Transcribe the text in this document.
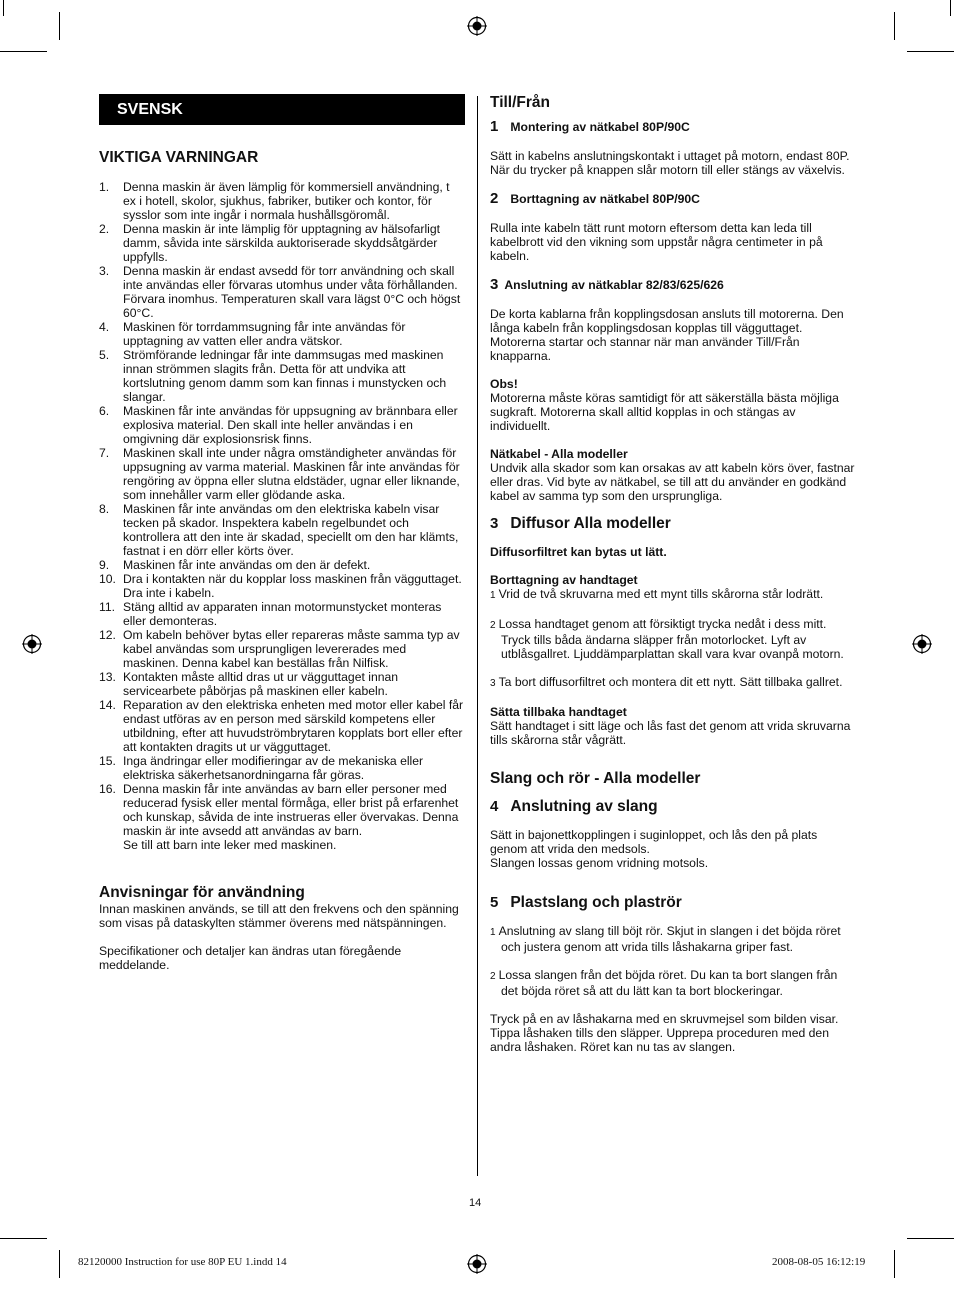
SVENSK
VIKTIGA VARNINGAR
1. Denna maskin är även lämplig för kommersiell användning, t ex i hotell, skolor, sjukhus, fabriker, butiker och kontor, för sysslor som inte ingår i normala hushållsgöromål.
2. Denna maskin är inte lämplig för upptagning av hälsofarligt damm, såvida inte särskilda auktoriserade skyddsåtgärder uppfylls.
3. Denna maskin är endast avsedd för torr användning och skall inte användas eller förvaras utomhus under våta förhållanden. Förvara inomhus. Temperaturen skall vara lägst 0°C och högst 60°C.
4. Maskinen för torrdammsugning får inte användas för upptagning av vatten eller andra vätskor.
5. Strömförande ledningar får inte dammsugas med maskinen innan strömmen slagits från. Detta för att undvika att kortslutning genom damm som kan finnas i munstycken och slangar.
6. Maskinen får inte användas för uppsugning av brännbara eller explosiva material. Den skall inte heller användas i en omgivning där explosionsrisk finns.
7. Maskinen skall inte under några omständigheter användas för uppsugning av varma material. Maskinen får inte användas för rengöring av öppna eller slutna eldstäder, ugnar eller liknande, som innehåller varm eller glödande aska.
8. Maskinen får inte användas om den elektriska kabeln visar tecken på skador. Inspektera kabeln regelbundet och kontrollera att den inte är skadad, speciellt om den har klämts, fastnat i en dörr eller körts över.
9. Maskinen får inte användas om den är defekt.
10. Dra i kontakten när du kopplar loss maskinen från vägguttaget. Dra inte i kabeln.
11. Stäng alltid av apparaten innan motormunstycket monteras eller demonteras.
12. Om kabeln behöver bytas eller repareras måste samma typ av kabel användas som ursprungligen levererades med maskinen. Denna kabel kan beställas från Nilfisk.
13. Kontakten måste alltid dras ut ur vägguttaget innan servicearbete påbörjas på maskinen eller kabeln.
14. Reparation av den elektriska enheten med motor eller kabel får endast utföras av en person med särskild kompetens eller utbildning, efter att huvudströmbrytaren kopplats bort eller efter att kontakten dragits ut ur vägguttaget.
15. Inga ändringar eller modifieringar av de mekaniska eller elektriska säkerhetsanordningarna får göras.
16. Denna maskin får inte användas av barn eller personer med reducerad fysisk eller mental förmåga, eller brist på erfarenhet och kunskap, såvida de inte instrueras eller övervakas. Denna maskin är inte avsedd att användas av barn.
Se till att barn inte leker med maskinen.
Anvisningar för användning

Innan maskinen används, se till att den frekvens och den spänning som visas på dataskylten stämmer överens med nätspänningen.

Specifikationer och detaljer kan ändras utan föregående meddelande.

Till/Från
1 Montering av nätkabel 80P/90C

Sätt in kabelns anslutningskontakt i uttaget på motorn, endast 80P. När du trycker på knappen slår motorn till eller stängs av växelvis.

2 Borttagning av nätkabel 80P/90C

Rulla inte kabeln tätt runt motorn eftersom detta kan leda till kabelbrott vid den vikning som uppstår några centimeter in på kabeln.

3 Anslutning av nätkablar 82/83/625/626

De korta kablarna från kopplingsdosan ansluts till motorerna. Den långa kabeln från kopplingsdosan kopplas till vägguttaget. Motorerna startar och stannar när man använder Till/Från knapparna.

Obs!

Motorerna måste köras samtidigt för att säkerställa bästa möjliga sugkraft. Motorerna skall alltid kopplas in och stängas av individuellt.

Nätkabel - Alla modeller

Undvik alla skador som kan orsakas av att kabeln körs över, fastnar eller dras. Vid byte av nätkabel, se till att du använder en godkänd kabel av samma typ som den ursprungliga.

3 Diffusor Alla modeller

Diffusorfiltret kan bytas ut lätt.

Borttagning av handtaget

1 Vrid de två skruvarna med ett mynt tills skårorna står lodrätt.

2 Lossa handtaget genom att försiktigt trycka nedåt i dess mitt. Tryck tills båda ändarna släpper från motorlocket. Lyft av utblåsgallret. Ljuddämparplattan skall vara kvar ovanpå motorn.

3 Ta bort diffusorfiltret och montera dit ett nytt. Sätt tillbaka gallret.

Sätta tillbaka handtaget

Sätt handtaget i sitt läge och lås fast det genom att vrida skruvarna tills skårorna står vågrätt.

Slang och rör - Alla modeller
4 Anslutning av slang

Sätt in bajonettkopplingen i suginloppet, och lås den på plats genom att vrida den medsols.

Slangen lossas genom vridning motsols.

5 Plastslang och plaströr

1 Anslutning av slang till böjt rör. Skjut in slangen i det böjda röret och justera genom att vrida tills låshakarna griper fast.

2 Lossa slangen från det böjda röret. Du kan ta bort slangen från det böjda röret så att du lätt kan ta bort blockeringar.

Tryck på en av låshakarna med en skruvmejsel som bilden visar. Tippa låshaken tills den släpper. Upprepa proceduren med den andra låshaken. Röret kan nu tas av slangen.

14
82120000 Instruction for use 80P EU 1.indd 14	2008-08-05 16:12:19
